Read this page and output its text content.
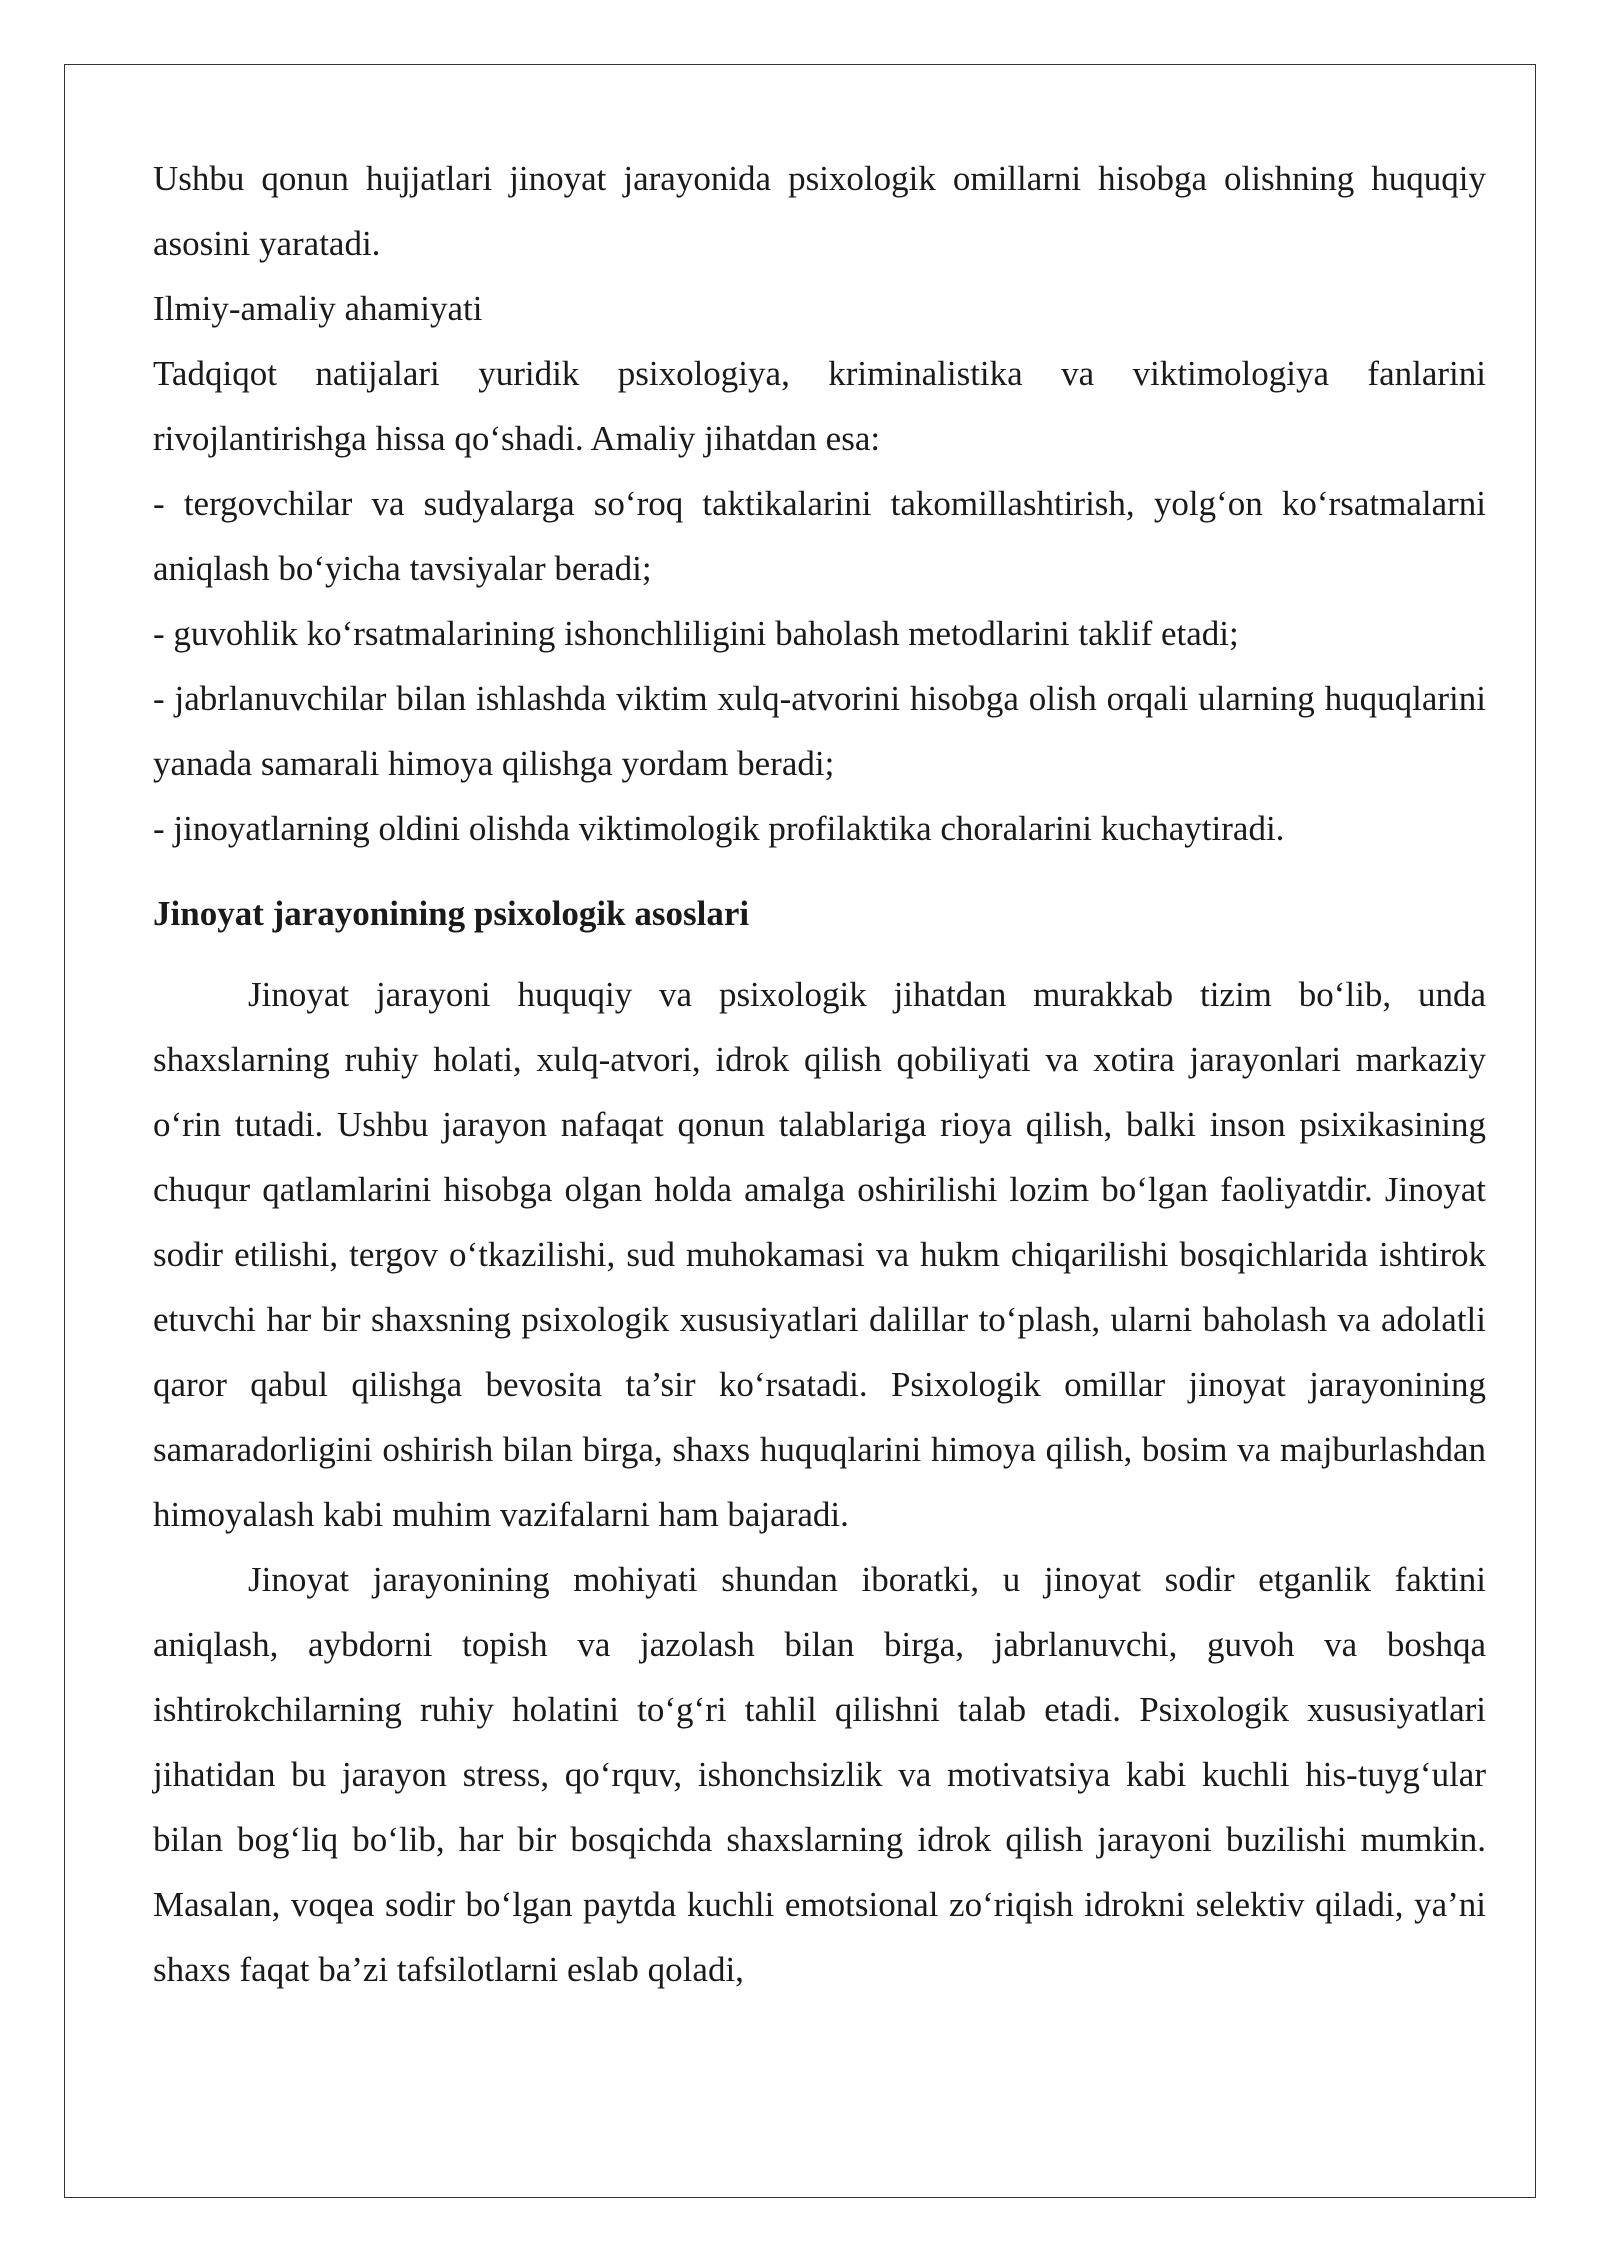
Ushbu qonun hujjatlari jinoyat jarayonida psixologik omillarni hisobga olishning huquqiy asosini yaratadi.

Ilmiy-amaliy ahamiyati

Tadqiqot natijalari yuridik psixologiya, kriminalistika va viktimologiya fanlarini rivojlantirishga hissa qo‘shadi. Amaliy jihatdan esa:

- tergovchilar va sudyalarga so‘roq taktikalarini takomillashtirish, yolg‘on ko‘rsatmalarni aniqlash bo‘yicha tavsiyalar beradi;

- guvohlik ko‘rsatmalarining ishonchliligini baholash metodlarini taklif etadi;

- jabrlanuvchilar bilan ishlashda viktim xulq-atvorini hisobga olish orqali ularning huquqlarini yanada samarali himoya qilishga yordam beradi;

- jinoyatlarning oldini olishda viktimologik profilaktika choralarini kuchaytiradi.

Jinoyat jarayonining psixologik asoslari

Jinoyat jarayoni huquqiy va psixologik jihatdan murakkab tizim bo‘lib, unda shaxslarning ruhiy holati, xulq-atvori, idrok qilish qobiliyati va xotira jarayonlari markaziy o‘rin tutadi. Ushbu jarayon nafaqat qonun talablariga rioya qilish, balki inson psixikasining chuqur qatlamlarini hisobga olgan holda amalga oshirilishi lozim bo‘lgan faoliyatdir. Jinoyat sodir etilishi, tergov o‘tkazilishi, sud muhokamasi va hukm chiqarilishi bosqichlarida ishtirok etuvchi har bir shaxsning psixologik xususiyatlari dalillar to‘plash, ularni baholash va adolatli qaror qabul qilishga bevosita ta’sir ko‘rsatadi. Psixologik omillar jinoyat jarayonining samaradorligini oshirish bilan birga, shaxs huquqlarini himoya qilish, bosim va majburlashdan himoyalash kabi muhim vazifalarni ham bajaradi.

Jinoyat jarayonining mohiyati shundan iboratki, u jinoyat sodir etganlik faktini aniqlash, aybdorni topish va jazolash bilan birga, jabrlanuvchi, guvoh va boshqa ishtirokchilarning ruhiy holatini to‘g‘ri tahlil qilishni talab etadi. Psixologik xususiyatlari jihatidan bu jarayon stress, qo‘rquv, ishonchsizlik va motivatsiya kabi kuchli his-tuyg‘ular bilan bog‘liq bo‘lib, har bir bosqichda shaxslarning idrok qilish jarayoni buzilishi mumkin. Masalan, voqea sodir bo‘lgan paytda kuchli emotsional zo‘riqish idrokni selektiv qiladi, ya’ni shaxs faqat ba’zi tafsilotlarni eslab qoladi,
